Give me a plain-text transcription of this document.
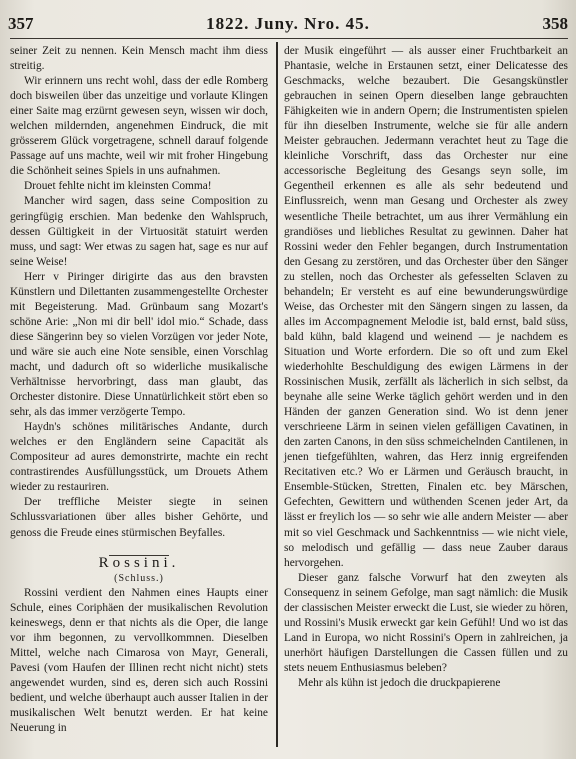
357	1822. Juny. Nro. 45.	358

seiner Zeit zu nennen. Kein Mensch macht ihm diess streitig.

Wir erinnern uns recht wohl, dass der edle Romberg doch bisweilen über das unzeitige und vorlaute Klingen einer Saite mag erzürnt gewesen seyn, wissen wir doch, welchen mildernden, angenehmen Eindruck, die mit grösserem Glück vorgetragene, schnell darauf folgende Passage auf uns machte, weil wir mit froher Hingebung die Schönheit seines Spiels in uns aufnahmen.

Drouet fehlte nicht im kleinsten Comma!

Mancher wird sagen, dass seine Composition zu geringfügig erschien. Man bedenke den Wahlspruch, dessen Gültigkeit in der Virtuosität statuirt werden muss, und sagt: Wer etwas zu sagen hat, sage es nur auf seine Weise!

Herr v Piringer dirigirte das aus den bravsten Künstlern und Dilettanten zusammengestellte Orchester mit Begeisterung. Mad. Grünbaum sang Mozart's schöne Arie: „Non mi dir bell' idol mio.“ Schade, dass diese Sängerinn bey so vielen Vorzügen vor jeder Note, und wäre sie auch eine Note sensible, einen Vorschlag macht, und dadurch oft so widerliche musikalische Verhältnisse hervorbringt, dass man glaubt, das Orchester distonire. Diese Unnatürlichkeit stört eben so sehr, als das immer verzögerte Tempo.

Haydn's schönes militärisches Andante, durch welches er den Engländern seine Capacität als Compositeur ad aures demonstrirte, machte ein recht contrastirendes Ausfüllungsstück, um Drouets Athem wieder zu restauriren.

Der treffliche Meister siegte in seinen Schlussvariationen über alles bisher Gehörte, und genoss die Freude eines stürmischen Beyfalles.

Rossini.

(Schluss.)

Rossini verdient den Nahmen eines Haupts einer Schule, eines Coriphäen der musikalischen Revolution keineswegs, denn er that nichts als die Oper, die lange vor ihm begonnen, zu vervollkommnen. Dieselben Mittel, welche nach Cimarosa von Mayr, Generali, Pavesi (vom Haufen der Illinen recht nicht nicht) stets angewendet wurden, sind es, deren sich auch Rossini bedient, und welche überhaupt auch ausser Italien in der musikalischen Welt benutzt werden. Er hat keine Neuerung in

der Musik eingeführt — als ausser einer Fruchtbarkeit an Phantasie, welche in Erstaunen setzt, einer Delicatesse des Geschmacks, welche bezaubert. Die Gesangskünstler gebrauchen in seinen Opern dieselben lange gebrauchten Fähigkeiten wie in andern Opern; die Instrumentisten spielen für ihn dieselben Instrumente, welche sie für alle andern Meister gebrauchen. Jedermann verachtet heut zu Tage die kleinliche Vorschrift, dass das Orchester nur eine accessorische Begleitung des Gesangs seyn solle, im Gegentheil erkennen es alle als sehr bedeutend und Einflussreich, wenn man Gesang und Orchester als zwey wesentliche Theile betrachtet, um aus ihrer Vermählung ein grandiöses und liebliches Resultat zu gewinnen. Daher hat Rossini weder den Fehler begangen, durch Instrumentation den Gesang zu zerstören, und das Orchester über den Sänger zu stellen, noch das Orchester als gefesselten Sclaven zu behandeln; Er versteht es auf eine bewunderungswürdige Weise, das Orchester mit den Sängern singen zu lassen, da alles im Accompagnement Melodie ist, bald ernst, bald süss, bald kühn, bald klagend und weinend — je nachdem es Situation und Worte erfordern. Die so oft und zum Ekel wiederhohlte Beschuldigung des ewigen Lärmens in der Rossinischen Musik, zerfällt als lächerlich in sich selbst, da beynahe alle seine Werke täglich gehört werden und in den Händen der ganzen Generation sind. Wo ist denn jener verschrieene Lärm in seinen vielen gefälligen Cavatinen, in den zarten Canons, in den süss schmeichelnden Cantilenen, in jenen tiefgefühlten, wahren, das Herz innig ergreifenden Recitativen etc.? Wo er Lärmen und Geräusch braucht, in Ensemble-Stücken, Stretten, Finalen etc. bey Märschen, Gefechten, Gewittern und wüthenden Scenen jeder Art, da lässt er freylich los — so sehr wie alle andern Meister — aber mit so viel Geschmack und Sachkenntniss — wie nicht viele, so melodisch und gefällig — dass neue Zauber daraus hervorgehen.

Dieser ganz falsche Vorwurf hat den zweyten als Consequenz in seinem Gefolge, man sagt nämlich: die Musik der classischen Meister erweckt die Lust, sie wieder zu hören, und Rossini's Musik erweckt gar kein Gefühl! Und wo ist das Land in Europa, wo nicht Rossini's Opern in zahlreichen, ja unerhört häufigen Darstellungen die Cassen füllen und zu stets neuem Enthusiasmus beleben?

Mehr als kühn ist jedoch die druckpapierene
